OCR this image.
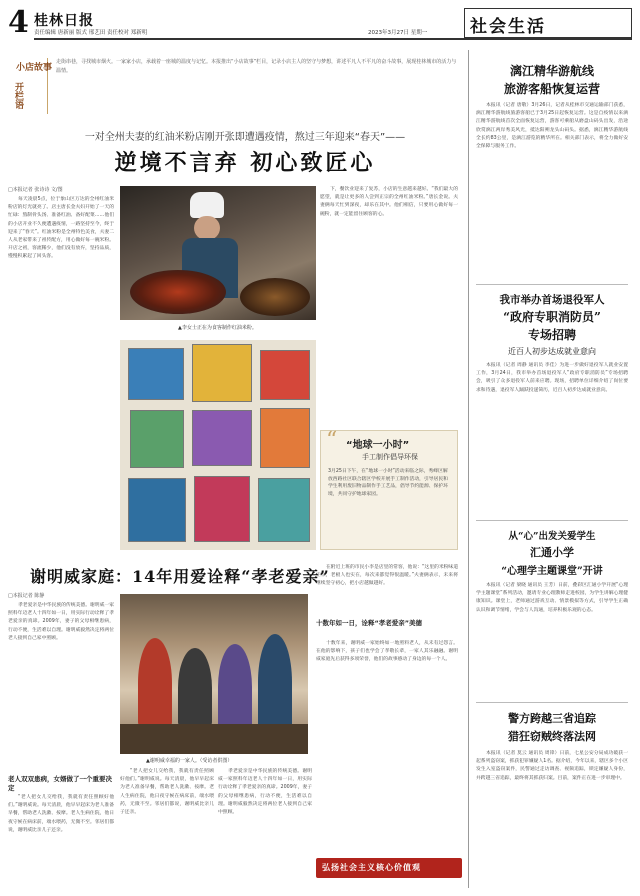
4 桂林日报
责任编辑 唐新丽 版式 邢艺田 责任校对 郑新明	2023年3月27日 星期一	社会生活
小店故事
开栏语
走街串巷，寻找城市烟火。一家家小店，承载着一座城的温度与记忆。本报推出“小店故事”栏目，记录小店主人的坚守与梦想，讲述平凡人不平凡的奋斗故事，展现桂林城市的活力与温情。
一对全州夫妻的红油米粉店刚开张即遭遇疫情，熬过三年迎来“春天”——
逆境不言弃 初心致匠心
□本报记者 张诗诗 文/图
每天凌晨5点，位于象山区万达的全州红油米粉店的灯光就亮了。店主唐长金夫妇开始了一天的忙碌：熬制骨头汤、准备红油、备好配菜……他们的小店开业不久便遭遇疫情，一路坚持至今，终于迎来了“春天”。红油米粉是全州特色美食，夫妻二人从老家带来了祖传配方，用心做好每一碗米粉。开店之初，客流稀少，他们没有放弃，坚持品质，慢慢积累起了回头客。
▲李女士正在为食客制作红油米粉。
下，餐饮业迎来了复苏，小店的生意越来越好。“我们最大的愿望，就是让更多的人尝到正宗的全州红油米粉。”唐长金说。夫妻俩每天忙到深夜，却乐在其中。他们相信，只要用心做好每一碗粉，就一定能留住顾客的心。
“ “地球一小时”
手工制作倡导环保
3月25日下午，在“地球一小时”活动来临之际，秀峰区解放西路社区联合辖区学校开展手工制作活动，引导居民和学生利用废旧物品制作手工艺品，倡导节约能源、保护环境，共同守护地球家园。
谢明威家庭：14年用爱诠释“孝老爱亲”
□本报记者 陈静
孝老爱亲是中华民族的传统美德。谢明威一家照料年迈老人十四年如一日，用实际行动诠释了孝老爱亲的真谛。2009年，妻子的父母相继患病，行动不便，生活难以自理。谢明威毅然决定将两位老人接到自己家中照顾。
老人双双患病，女婿做了一个重要决定
“老人把女儿交给我，我就有责任照顾好他们。”谢明威说。每天清晨，他早早起床为老人准备早餐，帮助老人洗漱、按摩。老人生病住院，他日夜守候在病床前，端水喂药，无微不至。邻居们都说，谢明威比亲儿子还亲。
▲谢明威幸福的一家人。（受访者供图）
“老人把女儿交给我，我就有责任照顾好他们。”谢明威说。每天清晨，他早早起床为老人准备早餐，帮助老人洗漱、按摩。老人生病住院，他日夜守候在病床前，端水喂药，无微不至。邻居们都说，谢明威比亲儿子还亲。
孝老爱亲是中华民族的传统美德。谢明威一家照料年迈老人十四年如一日，用实际行动诠释了孝老爱亲的真谛。2009年，妻子的父母相继患病，行动不便，生活难以自理。谢明威毅然决定将两位老人接到自己家中照顾。
在附近上班的市民小李是店里的常客，他说：“这里的米粉味道正宗，老板人也实在，每次来都觉得很温暖。”夫妻俩表示，未来将继续坚守初心，把小店越做越好。
十数年如一日，诠释“孝老爱亲”美德
十数年来，谢明威一家始终如一地照料老人，从未有过怨言。在他的影响下，孩子们也学会了孝敬长辈，一家人其乐融融。谢明威家庭先后获得多项荣誉，他们的故事感动了身边的每一个人。
弘扬社会主义核心价值观
漓江精华游航线
旅游客船恢复运营
本报讯（记者 唐敬）3月26日，记者从桂林市交通运输部门获悉，漓江精华游航线旅游客船已于3月25日起恢复运营。这是自疫情以来漓江精华游航线首次全面恢复运营，游客可乘船从磨盘山码头出发，沿途欣赏漓江两岸秀美风光，抵达阳朔龙头山码头。据悉，漓江精华游航线全长约83公里，是漓江游览的精华所在。相关部门表示，将全力做好安全保障与服务工作。
我市举办首场退役军人
“政府专职消防员”
专场招聘
近百人初步达成就业意向
本报讯（记者 周静 通讯员 李佳）为进一步做好退役军人就业安置工作，3月24日，我市举办首场退役军人“政府专职消防员”专场招聘会，吸引了众多退役军人前来应聘。现场，招聘单位详细介绍了岗位要求和待遇，退役军人踊跃投递简历，近百人初步达成就业意向。
从“心”出发关爱学生
汇通小学
“心理学主题课堂”开讲
本报讯（记者 梁晓 通讯员 王芳）日前，叠彩区汇通小学开展“心理学主题课堂”系列活动，邀请专业心理教师走进校园，为学生讲解心理健康知识。课堂上，老师通过游戏互动、情景模拟等方式，引导学生正确认识和调节情绪，学会与人沟通，培养积极乐观的心态。
警方跨越三省追踪
猎狂窃贼终落法网
本报讯（记者 莫云 通讯员 周锋）日前，七星公安分局成功破获一起系列盗窃案，抓获犯罪嫌疑人1名。据介绍，今年以来，辖区多个小区发生入室盗窃案件，民警通过走访调查、视频追踪，锁定嫌疑人身份，并跨越三省追踪，最终将其抓获归案。目前，案件正在进一步审理中。
